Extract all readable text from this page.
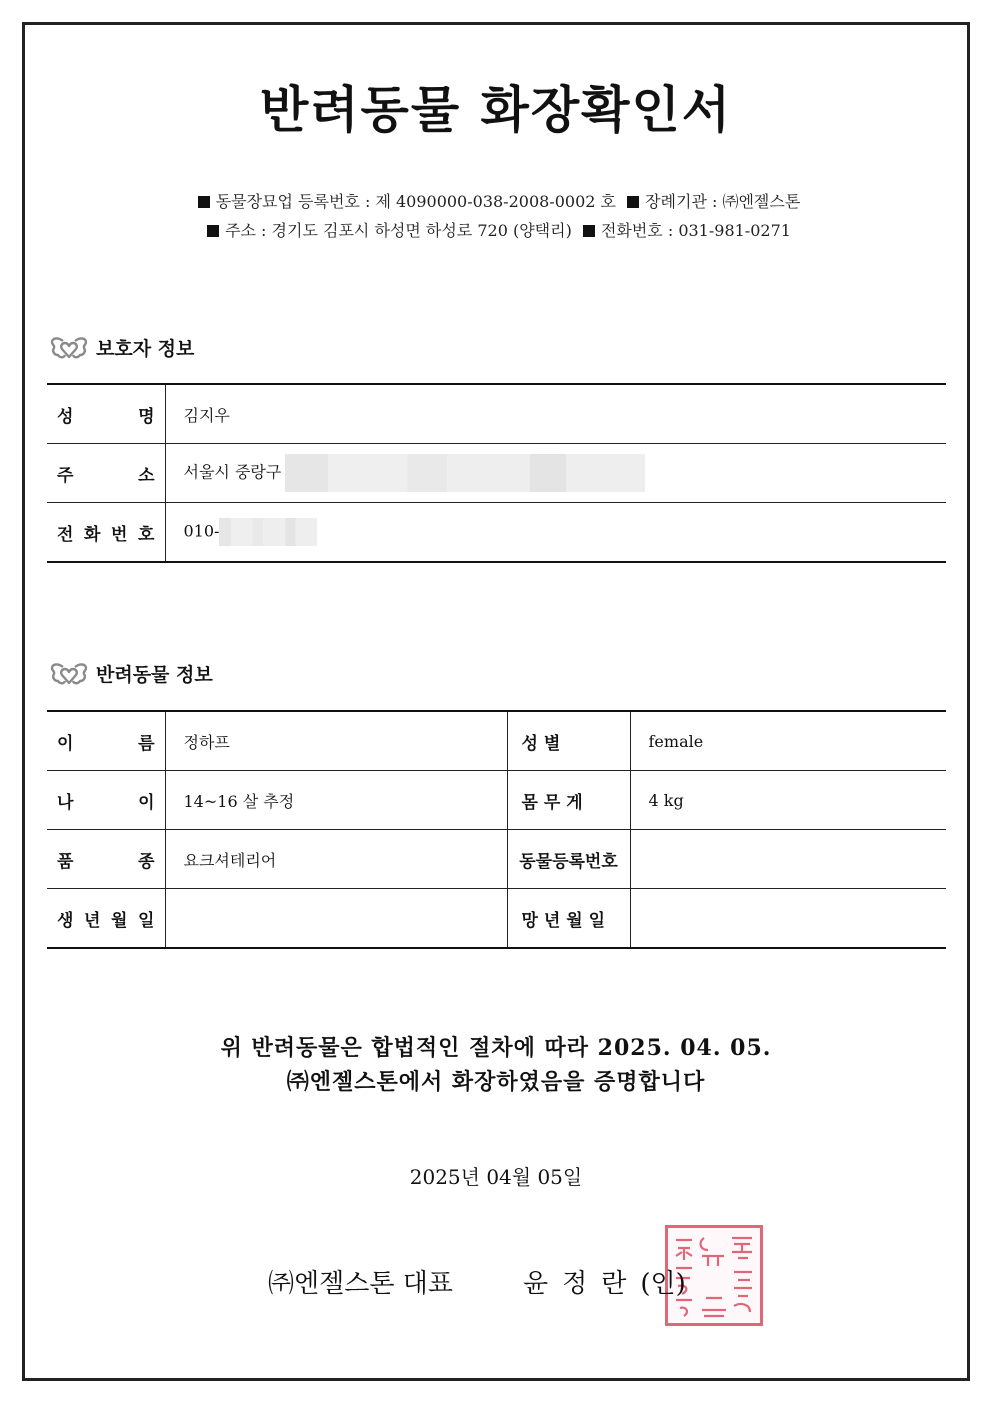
반려동물 화장확인서
동물장묘업 등록번호 : 제 4090000-038-2008-0002 호 장례기관 : ㈜엔젤스톤
주소 : 경기도 김포시 하성면 하성로 720 (양택리) 전화번호 : 031-981-0271
보호자 정보
성 명	김지우

주 소	서울시 중랑구

전 화 번 호	010-
반려동물 정보
이 름	정하프	성 별	female

나 이	14~16 살 추정	몸 무 게	4 kg

품 종	요크셔테리어	동물등록번호	

생 년 월 일		망 년 월 일	

위 반려동물은 합법적인 절차에 따라 2025. 04. 05.
㈜엔젤스톤에서 화장하였음을 증명합니다
2025년 04월 05일
㈜엔젤스톤 대표	윤정란 (인)
